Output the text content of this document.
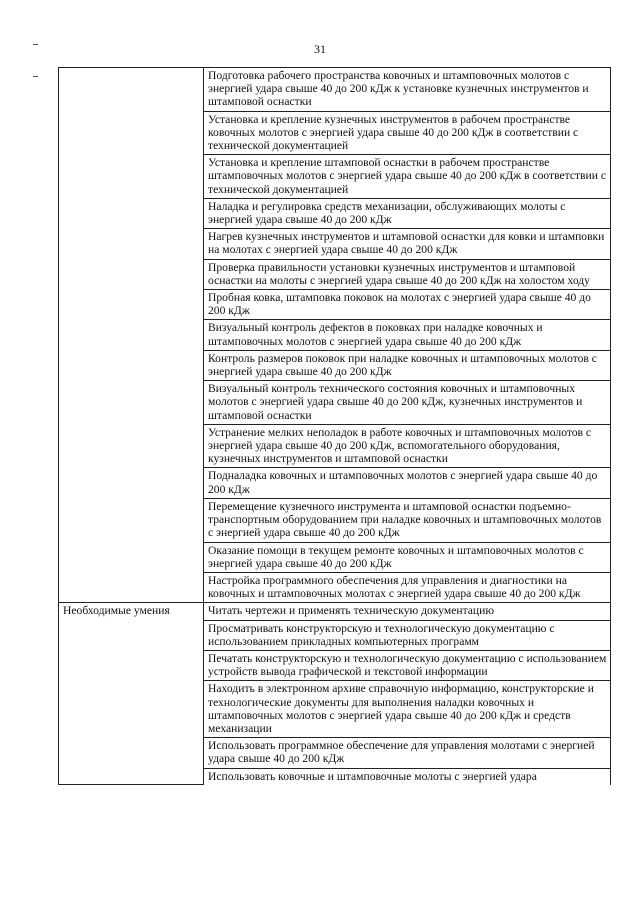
31
	Подготовка рабочего пространства ковочных и штамповочных молотов с энергией удара свыше 40 до 200 кДж к установке кузнечных инструментов и штамповой оснастки
	Установка и крепление кузнечных инструментов в рабочем пространстве ковочных молотов с энергией удара свыше 40 до 200 кДж в соответствии с технической документацией
	Установка и крепление штамповой оснастки в рабочем пространстве штамповочных молотов с энергией удара свыше 40 до 200 кДж в соответствии с технической документацией
	Наладка и регулировка средств механизации, обслуживающих молоты с энергией удара свыше 40 до 200 кДж
	Нагрев кузнечных инструментов и штамповой оснастки для ковки и штамповки на молотах с энергией удара свыше 40 до 200 кДж
	Проверка правильности установки кузнечных инструментов и штамповой оснастки на молоты с энергией удара свыше 40 до 200 кДж на холостом ходу
	Пробная ковка, штамповка поковок на молотах с энергией удара свыше 40 до 200 кДж
	Визуальный контроль дефектов в поковках при наладке ковочных и штамповочных молотов с энергией удара свыше 40 до 200 кДж
	Контроль размеров поковок при наладке ковочных и штамповочных молотов с энергией удара свыше 40 до 200 кДж
	Визуальный контроль технического состояния ковочных и штамповочных молотов с энергией удара свыше 40 до 200 кДж, кузнечных инструментов и штамповой оснастки
	Устранение мелких неполадок в работе ковочных и штамповочных молотов с энергией удара свыше 40 до 200 кДж, вспомогательного оборудования, кузнечных инструментов и штамповой оснастки
	Подналадка ковочных и штамповочных молотов с энергией удара свыше 40 до 200 кДж
	Перемещение кузнечного инструмента и штамповой оснастки подъемно-транспортным оборудованием при наладке ковочных и штамповочных молотов с энергией удара свыше 40 до 200 кДж
	Оказание помощи в текущем ремонте ковочных и штамповочных молотов с энергией удара свыше 40 до 200 кДж
	Настройка программного обеспечения для управления и диагностики на ковочных и штамповочных молотах с энергией удара свыше 40 до 200 кДж
Необходимые умения	Читать чертежи и применять техническую документацию
	Просматривать конструкторскую и технологическую документацию с использованием прикладных компьютерных программ
	Печатать конструкторскую и технологическую документацию с использованием устройств вывода графической и текстовой информации
	Находить в электронном архиве справочную информацию, конструкторские и технологические документы для выполнения наладки ковочных и штамповочных молотов с энергией удара свыше 40 до 200 кДж и средств механизации
	Использовать программное обеспечение для управления молотами с энергией удара свыше 40 до 200 кДж
	Использовать ковочные и штамповочные молоты с энергией удара
